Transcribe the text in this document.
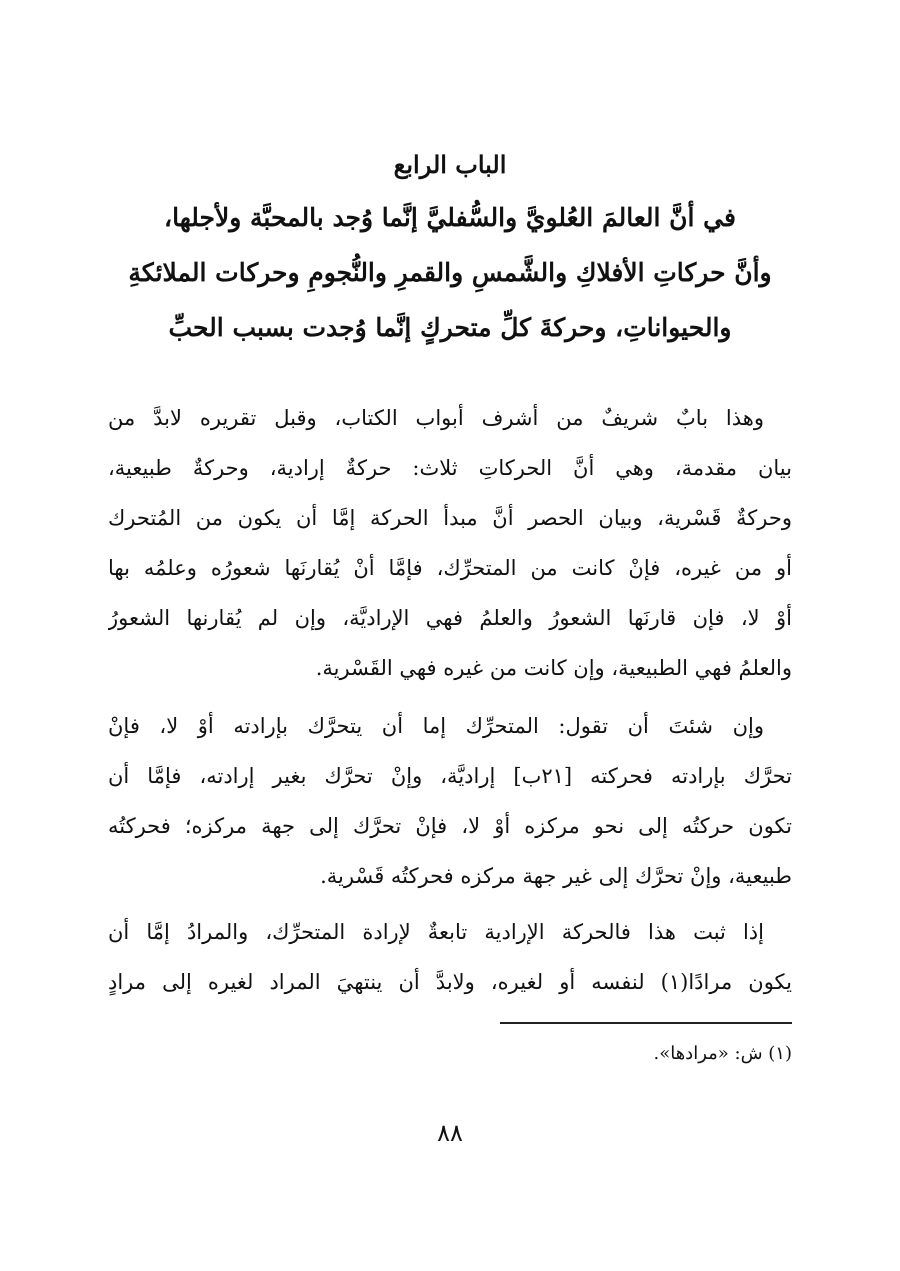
الباب الرابع
في أنَّ العالمَ العُلويَّ والسُّفليَّ إنَّما وُجد بالمحبَّة ولأجلها،
وأنَّ حركاتِ الأفلاكِ والشَّمسِ والقمرِ والنُّجومِ وحركات الملائكةِ
والحيواناتِ، وحركةَ كلِّ متحركٍ إنَّما وُجدت بسبب الحبِّ
وهذا بابٌ شريفٌ من أشرف أبواب الكتاب، وقبل تقريره لابدَّ من
بيان مقدمة، وهي أنَّ الحركاتِ ثلاث: حركةٌ إرادية، وحركةٌ طبيعية،
وحركةٌ قَسْرية، وبيان الحصر أنَّ مبدأ الحركة إمَّا أن يكون من المُتحرك
أو من غيره، فإنْ كانت من المتحرِّك، فإمَّا أنْ يُقارنَها شعورُه وعلمُه بها
أوْ لا، فإن قارنَها الشعورُ والعلمُ فهي الإراديَّة، وإن لم يُقارنها الشعورُ
والعلمُ فهي الطبيعية، وإن كانت من غيره فهي القَسْرية.
وإن شئتَ أن تقول: المتحرِّك إما أن يتحرَّك بإرادته أوْ لا، فإنْ
تحرَّك بإرادته فحركته [٢١ب] إراديَّة، وإنْ تحرَّك بغير إرادته، فإمَّا أن
تكون حركتُه إلى نحو مركزه أوْ لا، فإنْ تحرَّك إلى جهة مركزه؛ فحركتُه
طبيعية، وإنْ تحرَّك إلى غير جهة مركزه فحركتُه قَسْرية.
إذا ثبت هذا فالحركة الإرادية تابعةٌ لإرادة المتحرِّك، والمرادُ إمَّا أن
يكون مرادًا(١) لنفسه أو لغيره، ولابدَّ أن ينتهيَ المراد لغيره إلى مرادٍ
(١) ش: «مرادها».
٨٨
